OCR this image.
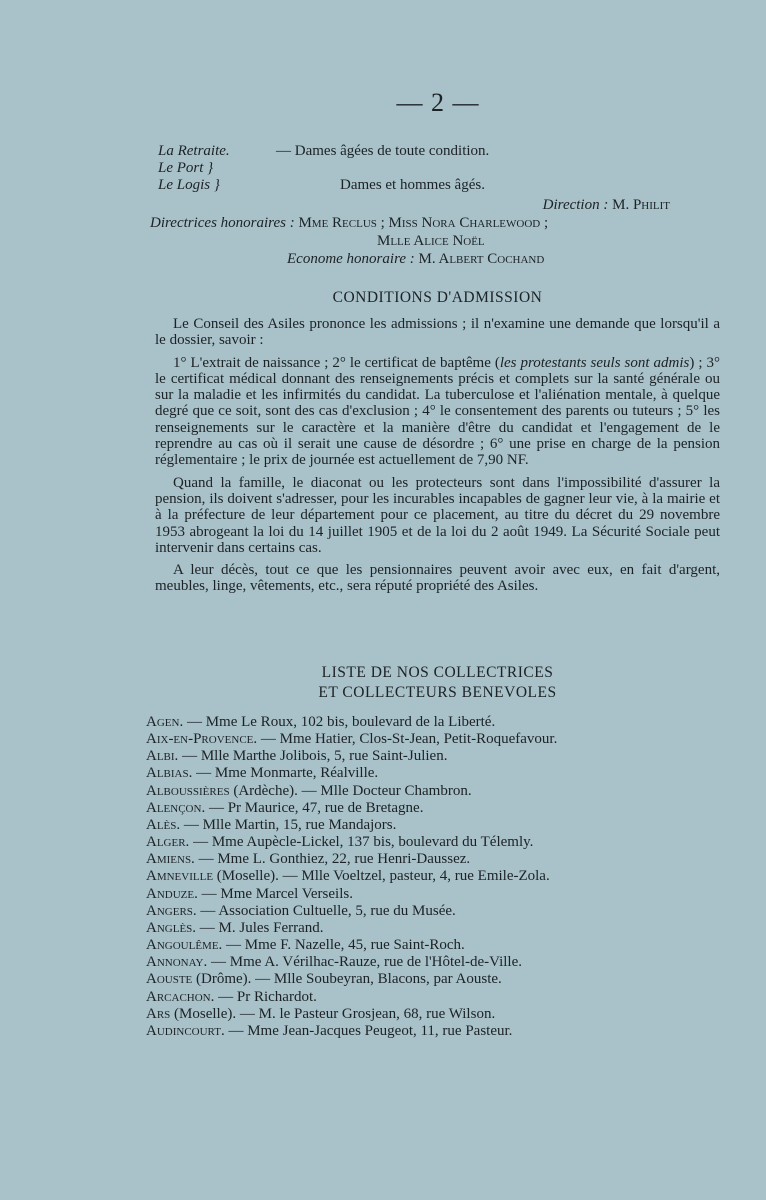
— 2 —
La Retraite.	— Dames âgées de toute condition.
Le Port }
Le Logis }	Dames et hommes âgés.
Direction : M. Philit
Directrices honoraires : Mme Reclus ; Miss Nora Charlewood ;
Mlle Alice Noël
Econome honoraire : M. Albert Cochand
CONDITIONS D'ADMISSION

Le Conseil des Asiles prononce les admissions ; il n'examine une demande que lorsqu'il a le dossier, savoir :

1° L'extrait de naissance ; 2° le certificat de baptême (les protestants seuls sont admis) ; 3° le certificat médical donnant des renseignements précis et complets sur la santé générale ou sur la maladie et les infirmités du candidat. La tuberculose et l'aliénation mentale, à quelque degré que ce soit, sont des cas d'exclusion ; 4° le consentement des parents ou tuteurs ; 5° les renseignements sur le caractère et la manière d'être du candidat et l'engagement de le reprendre au cas où il serait une cause de désordre ; 6° une prise en charge de la pension réglementaire ; le prix de journée est actuellement de 7,90 NF.

Quand la famille, le diaconat ou les protecteurs sont dans l'impossibilité d'assurer la pension, ils doivent s'adresser, pour les incurables incapables de gagner leur vie, à la mairie et à la préfecture de leur département pour ce placement, au titre du décret du 29 novembre 1953 abrogeant la loi du 14 juillet 1905 et de la loi du 2 août 1949. La Sécurité Sociale peut intervenir dans certains cas.

A leur décès, tout ce que les pensionnaires peuvent avoir avec eux, en fait d'argent, meubles, linge, vêtements, etc., sera réputé propriété des Asiles.

LISTE DE NOS COLLECTRICES
ET COLLECTEURS BENEVOLES
Agen. — Mme Le Roux, 102 bis, boulevard de la Liberté.
Aix-en-Provence. — Mme Hatier, Clos-St-Jean, Petit-Roquefavour.
Albi. — Mlle Marthe Jolibois, 5, rue Saint-Julien.
Albias. — Mme Monmarte, Réalville.
Alboussières (Ardèche). — Mlle Docteur Chambron.
Alençon. — Pr Maurice, 47, rue de Bretagne.
Alès. — Mlle Martin, 15, rue Mandajors.
Alger. — Mme Aupècle-Lickel, 137 bis, boulevard du Télemly.
Amiens. — Mme L. Gonthiez, 22, rue Henri-Daussez.
Amneville (Moselle). — Mlle Voeltzel, pasteur, 4, rue Emile-Zola.
Anduze. — Mme Marcel Verseils.
Angers. — Association Cultuelle, 5, rue du Musée.
Anglès. — M. Jules Ferrand.
Angoulême. — Mme F. Nazelle, 45, rue Saint-Roch.
Annonay. — Mme A. Vérilhac-Rauze, rue de l'Hôtel-de-Ville.
Aouste (Drôme). — Mlle Soubeyran, Blacons, par Aouste.
Arcachon. — Pr Richardot.
Ars (Moselle). — M. le Pasteur Grosjean, 68, rue Wilson.
Audincourt. — Mme Jean-Jacques Peugeot, 11, rue Pasteur.
